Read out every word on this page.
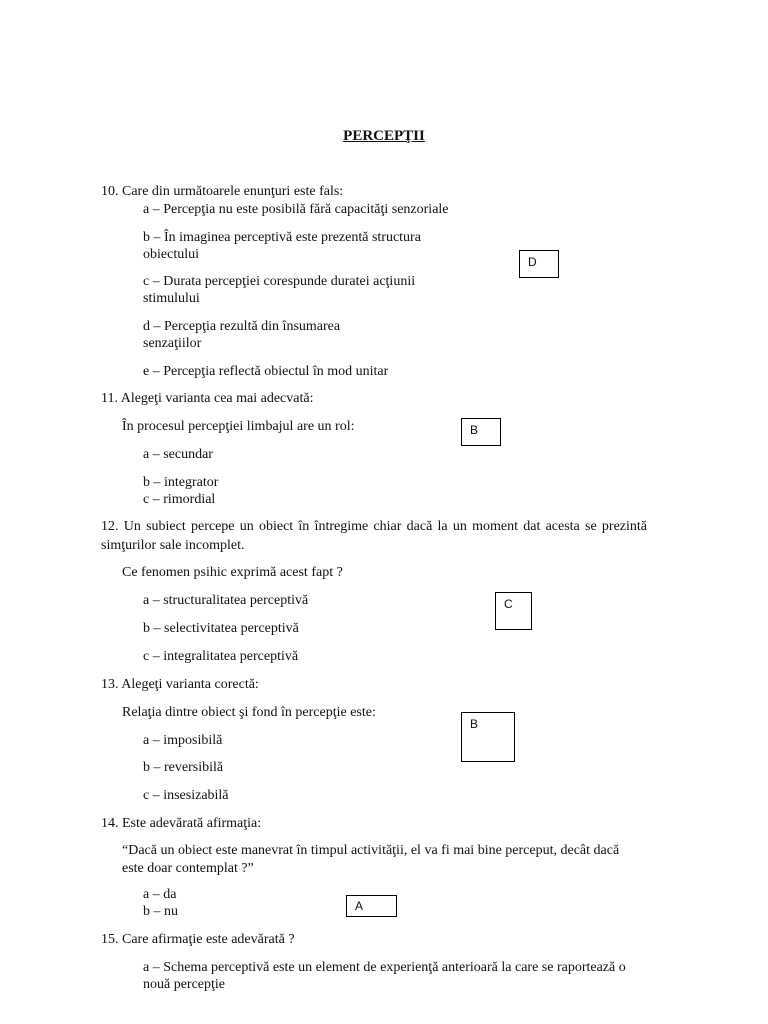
PERCEPŢII
10. Care din următoarele enunţuri este fals:
a – Percepţia nu este posibilă fără capacităţi senzoriale
b – În imaginea perceptivă este prezentă structura
obiectului
c – Durata percepţiei corespunde duratei acţiunii
stimulului
d – Percepţia rezultă din însumarea
senzaţiilor
e – Percepţia reflectă obiectul în mod unitar
D
11. Alegeţi varianta cea mai adecvată:
În procesul percepţiei limbajul are un rol:
a – secundar
b – integrator
c – rimordial
B
12. Un subiect percepe un obiect în întregime chiar dacă la un moment dat acesta se prezintă simţurilor sale incomplet.
Ce fenomen psihic exprimă acest fapt ?
a – structuralitatea perceptivă
b – selectivitatea perceptivă
c – integralitatea perceptivă
C
13. Alegeţi varianta corectă:
Relaţia dintre obiect şi fond în percepţie este:
a – imposibilă
b – reversibilă
c – insesizabilă
B
14. Este adevărată afirmaţia:
“Dacă un obiect este manevrat în timpul activităţii, el va fi mai bine perceput, decât dacă
este doar contemplat ?”
a – da
b – nu	A
15. Care afirmaţie este adevărată ?
a – Schema perceptivă este un element de experienţă anterioară la care se raportează o
nouă percepţie
